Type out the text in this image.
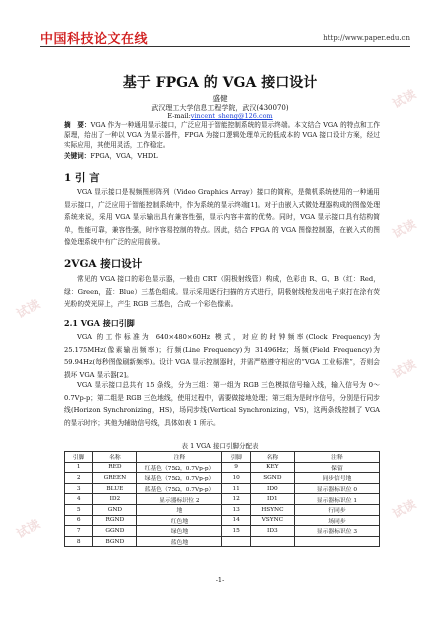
中国科技论文在线	http://www.paper.edu.cn
基于 FPGA 的 VGA 接口设计
盛健
武汉理工大学信息工程学院，武汉(430070)
E-mail:vincent_sheng@126.com
摘　要：VGA 作为一种通用显示接口，广泛应用于智能控制系统的显示终端。本文结合 VGA 的特点和工作原理，给出了一种以 VGA 为显示器件，FPGA 为接口逻辑处理单元的低成本的 VGA 接口设计方案，经过实际应用，其使用灵活，工作稳定。
关键词：FPGA，VGA，VHDL
1 引 言
VGA 显示接口是视频图形阵列（Video Graphics Array）接口的简称，是微机系统使用的一种通用显示接口，广泛应用于智能控制系统中，作为系统的显示终端[1]。对于由嵌入式微处理器构成的图像处理系统来说，采用 VGA 显示输出具有兼容性强，显示内容丰富的优势。同时，VGA 显示接口具有结构简单，性能可靠，兼容性强，时序容易控制的特点。因此，结合 FPGA 的 VGA 图像控制器，在嵌入式的图像处理系统中有广泛的应用前景。
2VGA 接口设计
常见的 VGA 接口的彩色显示器，一般由 CRT（阴极射线管）构成，色彩由 R、G、B（红：Red，绿：Green，蓝：Blue）三基色组成。显示采用逐行扫描的方式进行，阴极射线枪发出电子束打在涂有荧光粉的荧光屏上，产生 RGB 三基色，合成一个彩色像素。
2.1 VGA 接口引脚
VGA 的工作标准为 640×480×60Hz 模式，对应的时钟频率(Clock Frequency)为 25.175MHz(像素输出频率)；行频(Line Frequency)为 31496Hz；场频(Field Frequency)为 59.94Hz(每秒图像刷新频率)。设计 VGA 显示控制器时，并需严格遵守相应的“VGA 工业标准”，否则会损坏 VGA 显示器[2]。
VGA 显示接口总共有 15 条线，分为三组：第一组为 RGB 三色模拟信号输入线，输入信号为 0～0.7Vp-p；第二组是 RGB 三色地线，使用过程中，需要做接地处理；第三组为是时序信号，分别是行同步线(Horizon Synchronizing，HS)，场同步线(Vertical Synchronizing，VS)，这两条线控制了 VGA 的显示时序；其他为辅助信号线，具体如表 1 所示。
表 1 VGA 接口引脚分配表
引脚	名称	注释	引脚	名称	注释
1	RED	红基色（75Ω，0.7Vp-p）	9	KEY	保留
2	GREEN	绿基色（75Ω，0.7Vp-p）	10	SGND	同步信号地
3	BLUE	蓝基色（75Ω，0.7Vp-p）	11	ID0	显示器标识位 0
4	ID2	显示器标识位 2	12	ID1	显示器标识位 1
5	GND	地	13	HSYNC	行同步
6	RGND	红色地	14	VSYNC	场同步
7	GGND	绿色地	15	ID3	显示器标识位 3
8	BGND	蓝色地			
-1-
试读
试读
试读
试读
试读
试读
